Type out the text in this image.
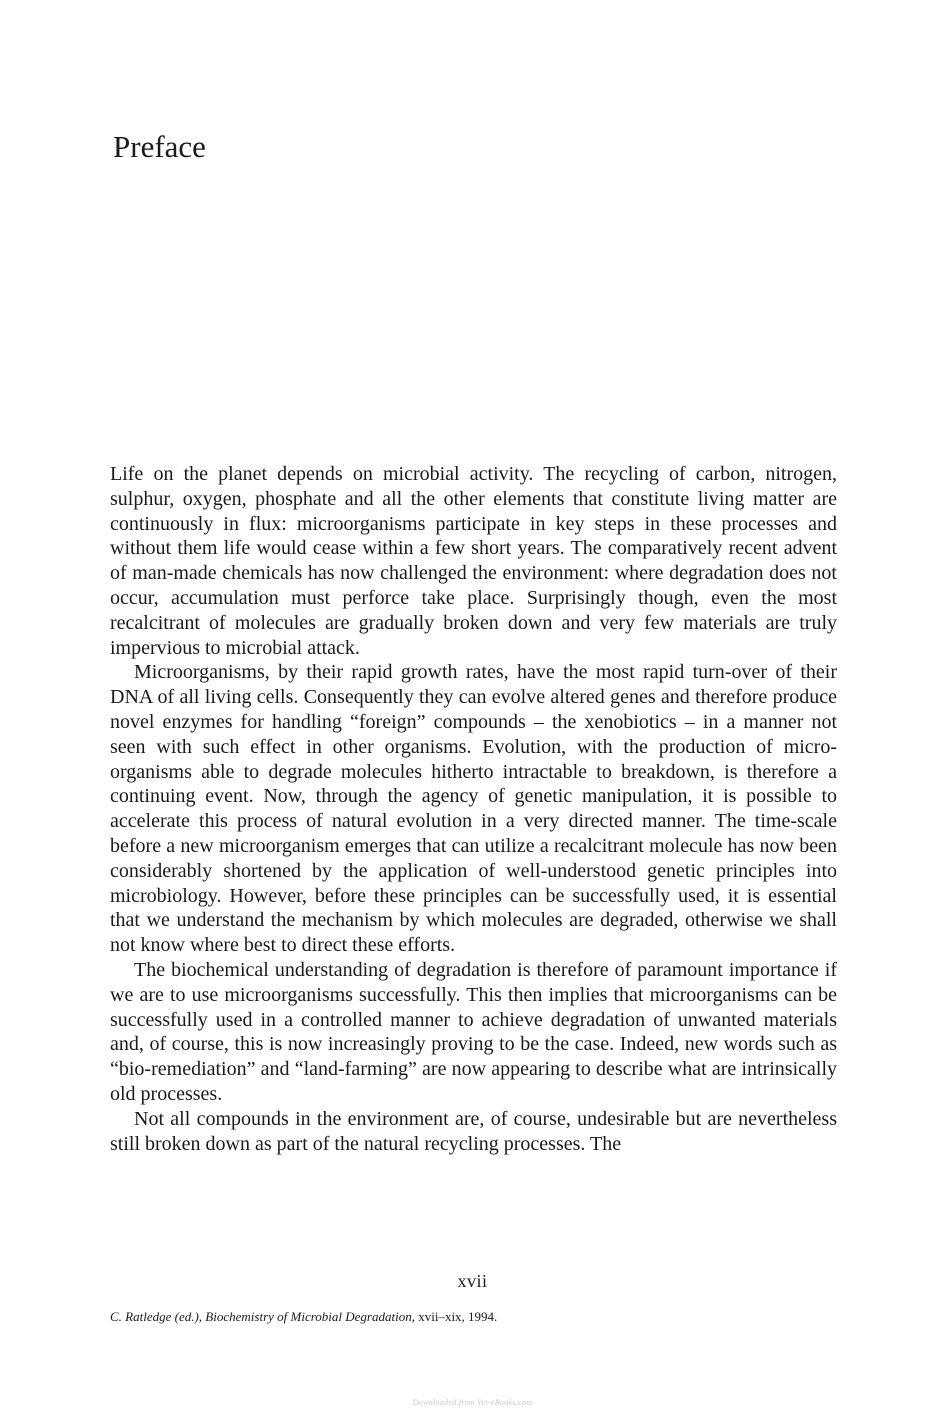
Preface

Life on the planet depends on microbial activity. The recycling of carbon, nitrogen, sulphur, oxygen, phosphate and all the other elements that constitute living matter are continuously in flux: microorganisms participate in key steps in these processes and without them life would cease within a few short years. The comparatively recent advent of man-made chemicals has now challenged the environment: where degradation does not occur, accumulation must perforce take place. Surprisingly though, even the most recalcitrant of molecules are gradually broken down and very few materials are truly impervious to microbial attack.

Microorganisms, by their rapid growth rates, have the most rapid turn-over of their DNA of all living cells. Consequently they can evolve altered genes and therefore produce novel enzymes for handling “foreign” compounds – the xenobiotics – in a manner not seen with such effect in other organisms. Evolution, with the production of micro-organisms able to degrade molecules hitherto intractable to breakdown, is therefore a continuing event. Now, through the agency of genetic manipulation, it is possible to accelerate this process of natural evolution in a very directed manner. The time-scale before a new microorganism emerges that can utilize a recalcitrant molecule has now been considerably shortened by the application of well-understood genetic principles into microbiology. However, before these principles can be successfully used, it is essential that we understand the mechanism by which molecules are degraded, otherwise we shall not know where best to direct these efforts.

The biochemical understanding of degradation is therefore of paramount importance if we are to use microorganisms successfully. This then implies that microorganisms can be successfully used in a controlled manner to achieve degradation of unwanted materials and, of course, this is now increasingly proving to be the case. Indeed, new words such as “bio-remediation” and “land-farming” are now appearing to describe what are intrinsically old processes.

Not all compounds in the environment are, of course, undesirable but are nevertheless still broken down as part of the natural recycling processes. The

xvii
C. Ratledge (ed.), Biochemistry of Microbial Degradation, xvii–xix, 1994.
Downloaded from Vet-eBooks.com
